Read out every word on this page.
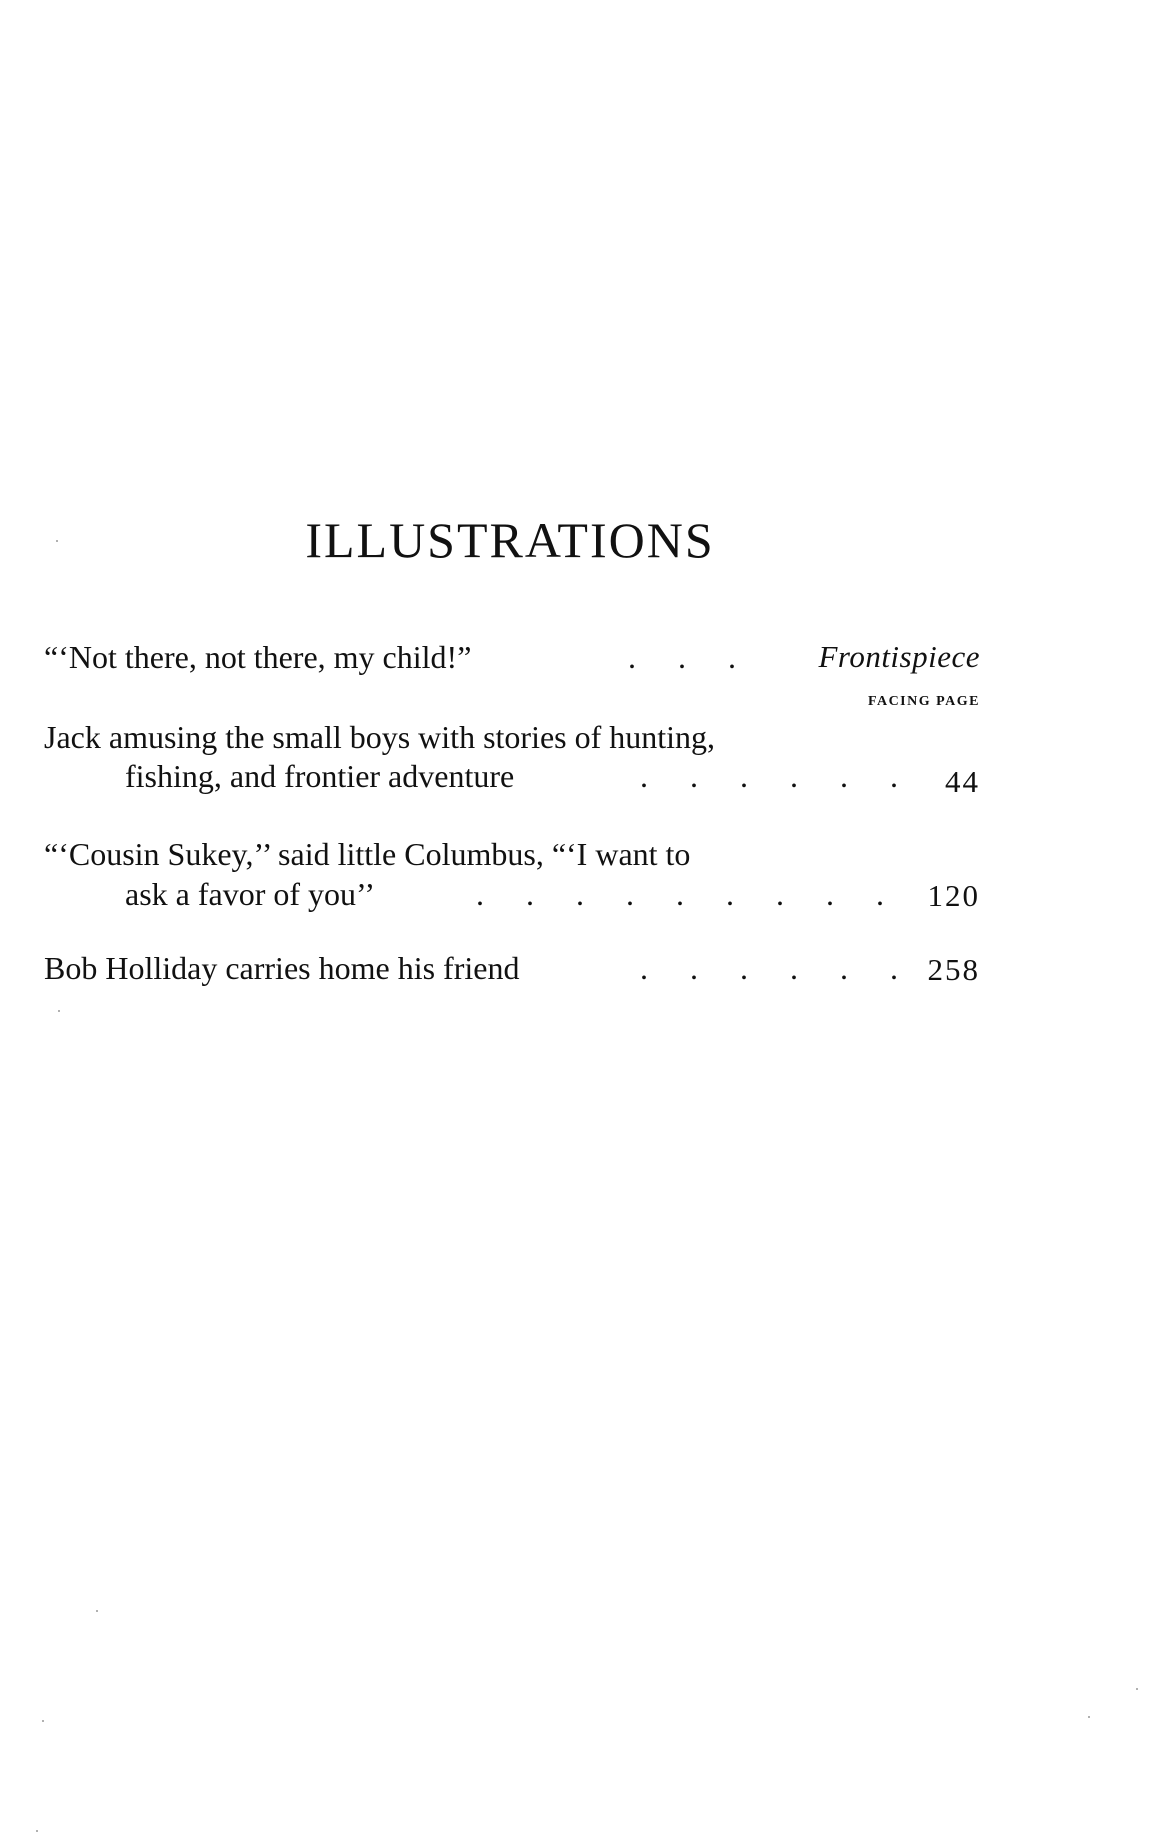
ILLUSTRATIONS
“‘Not there, not there, my child!”	. . . Frontispiece
FACING PAGE
Jack amusing the small boys with stories of hunting,
fishing, and frontier adventure	. . . . . . 44
“‘Cousin Sukey,’’ said little Columbus, “‘I want to
ask a favor of you’’	. . . . . . . . . 120
Bob Holliday carries home his friend	. . . . . . 258
